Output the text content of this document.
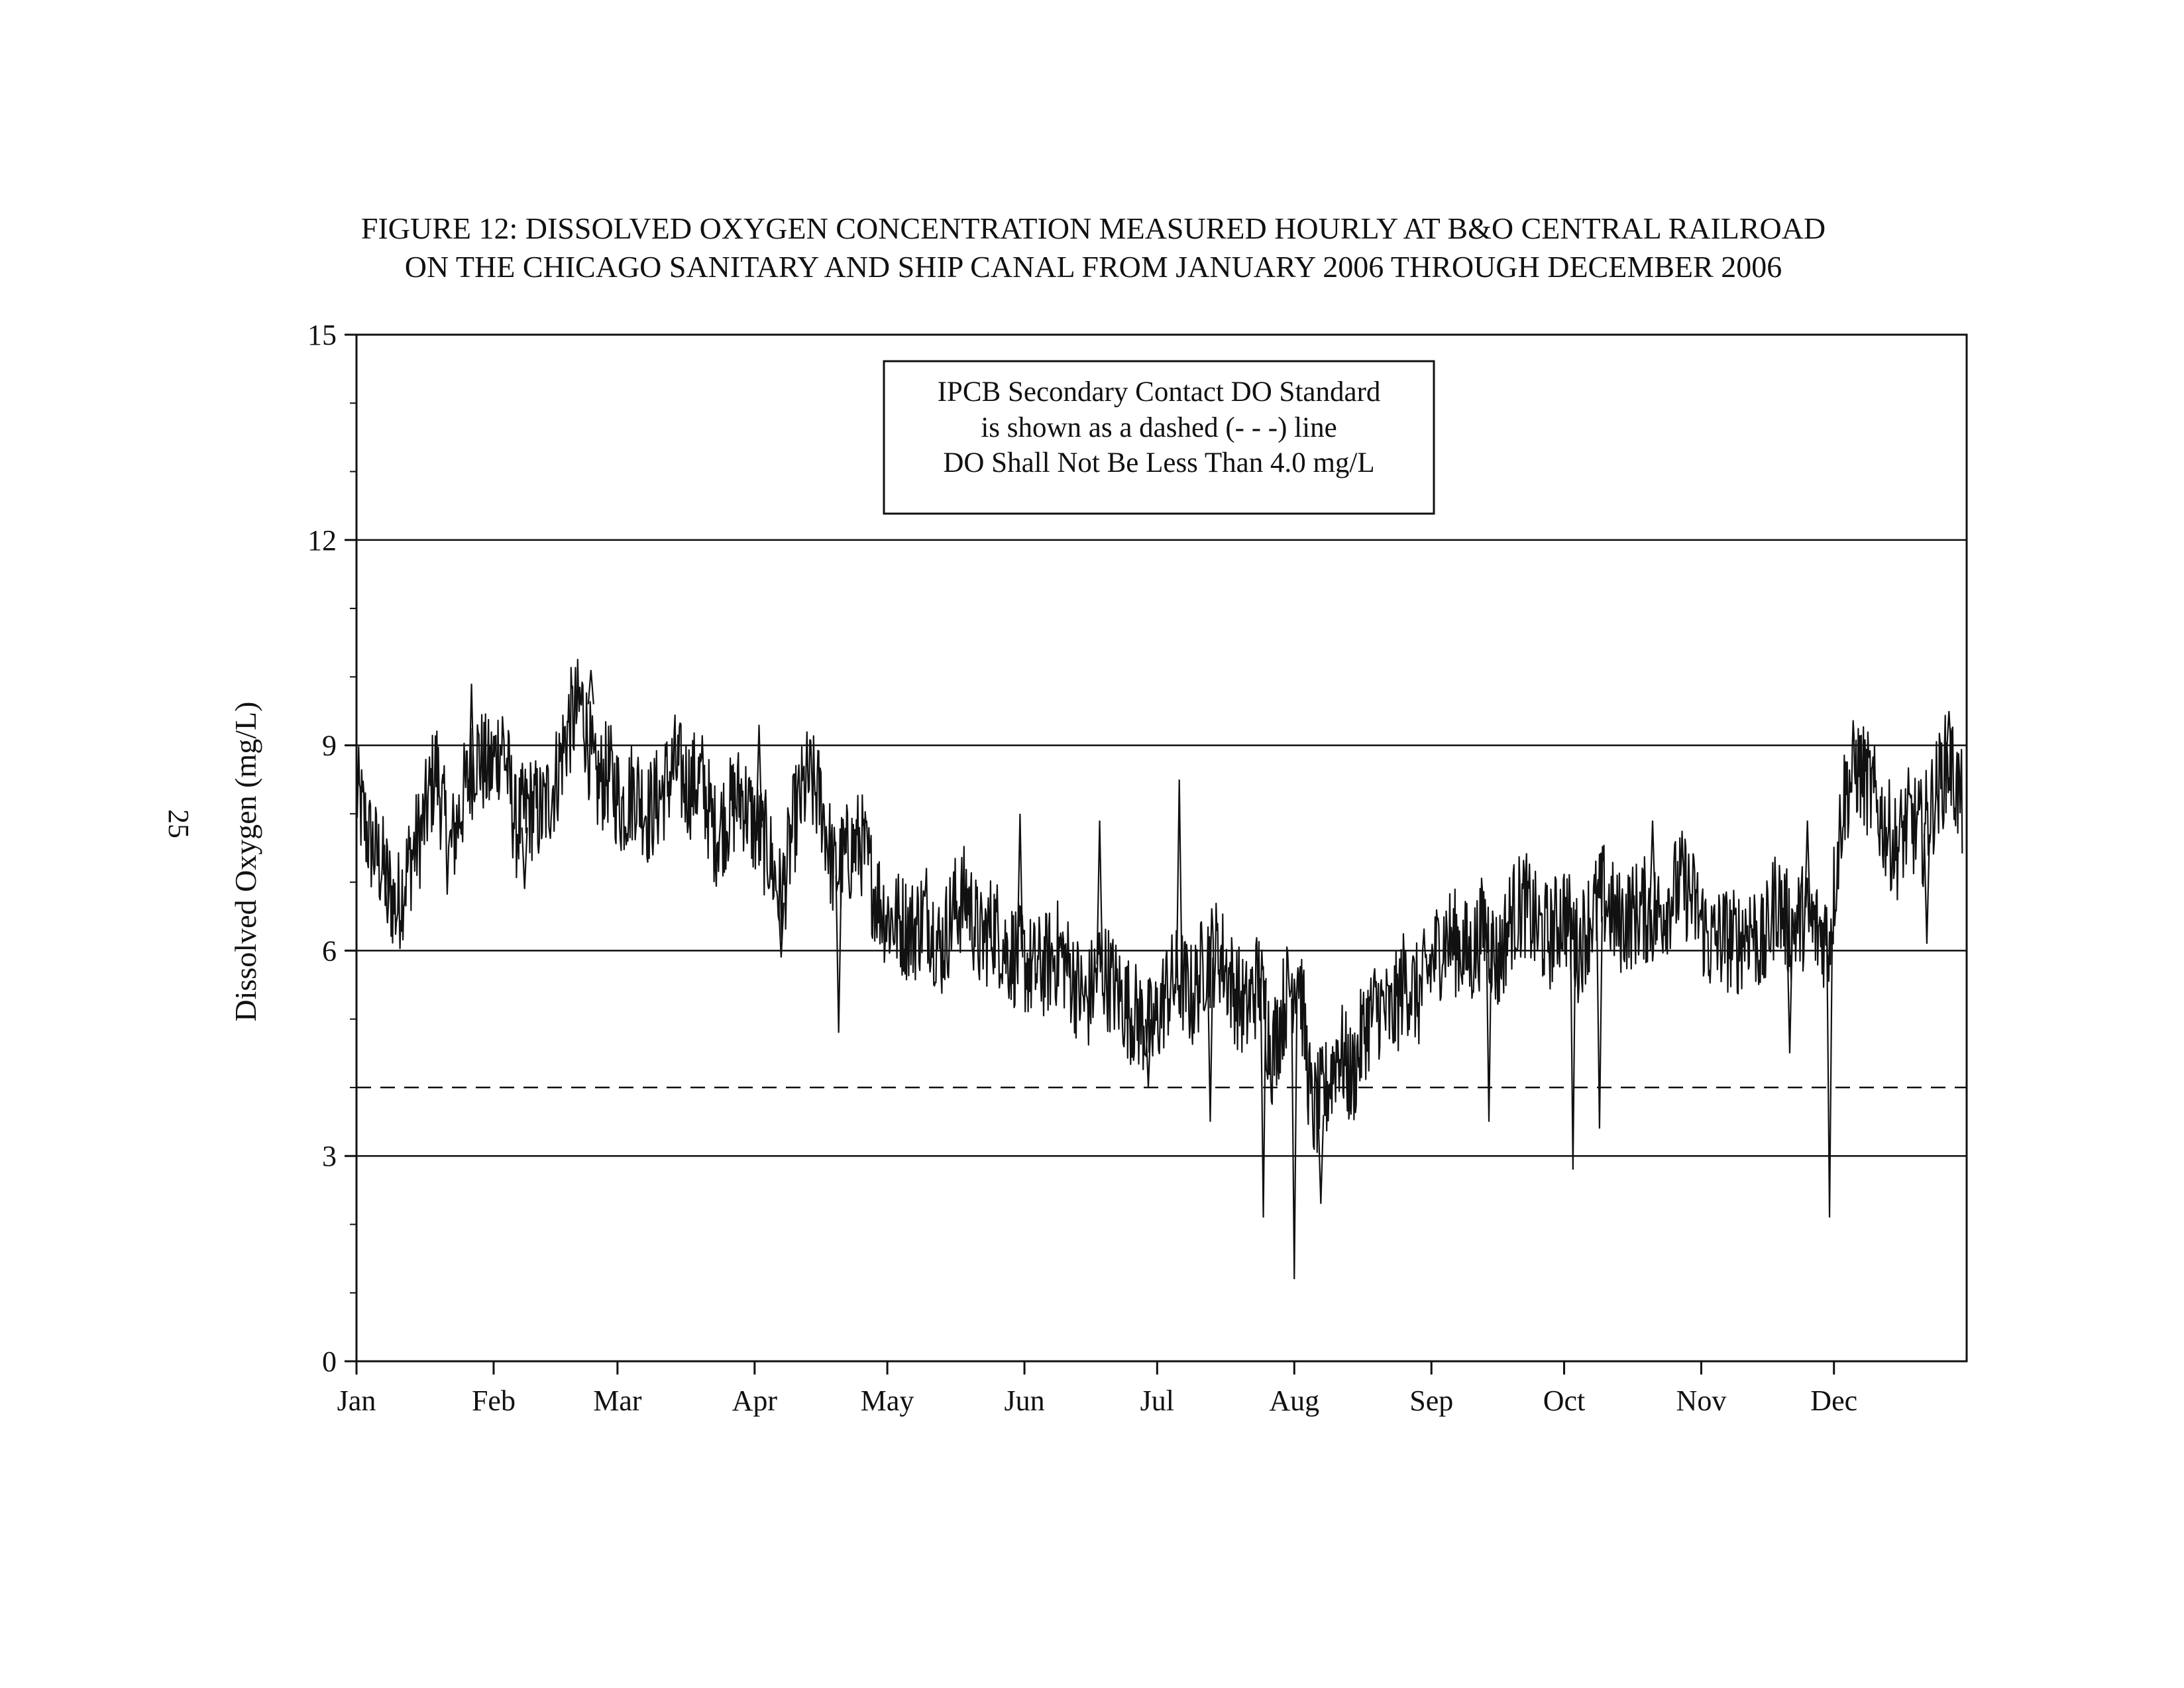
FIGURE 12: DISSOLVED OXYGEN CONCENTRATION MEASURED HOURLY AT B&O CENTRAL RAILROAD
ON THE CHICAGO SANITARY AND SHIP CANAL FROM JANUARY 2006 THROUGH DECEMBER 2006
25 Dissolved Oxygen (mg/L)
0
3
6
9
12
15
Jan	Feb	Mar	Apr	May	Jun	Jul	Aug	Sep	Oct	Nov	Dec
IPCB Secondary Contact DO Standard
is shown as a dashed (- - -) line
DO Shall Not Be Less Than 4.0 mg/L
